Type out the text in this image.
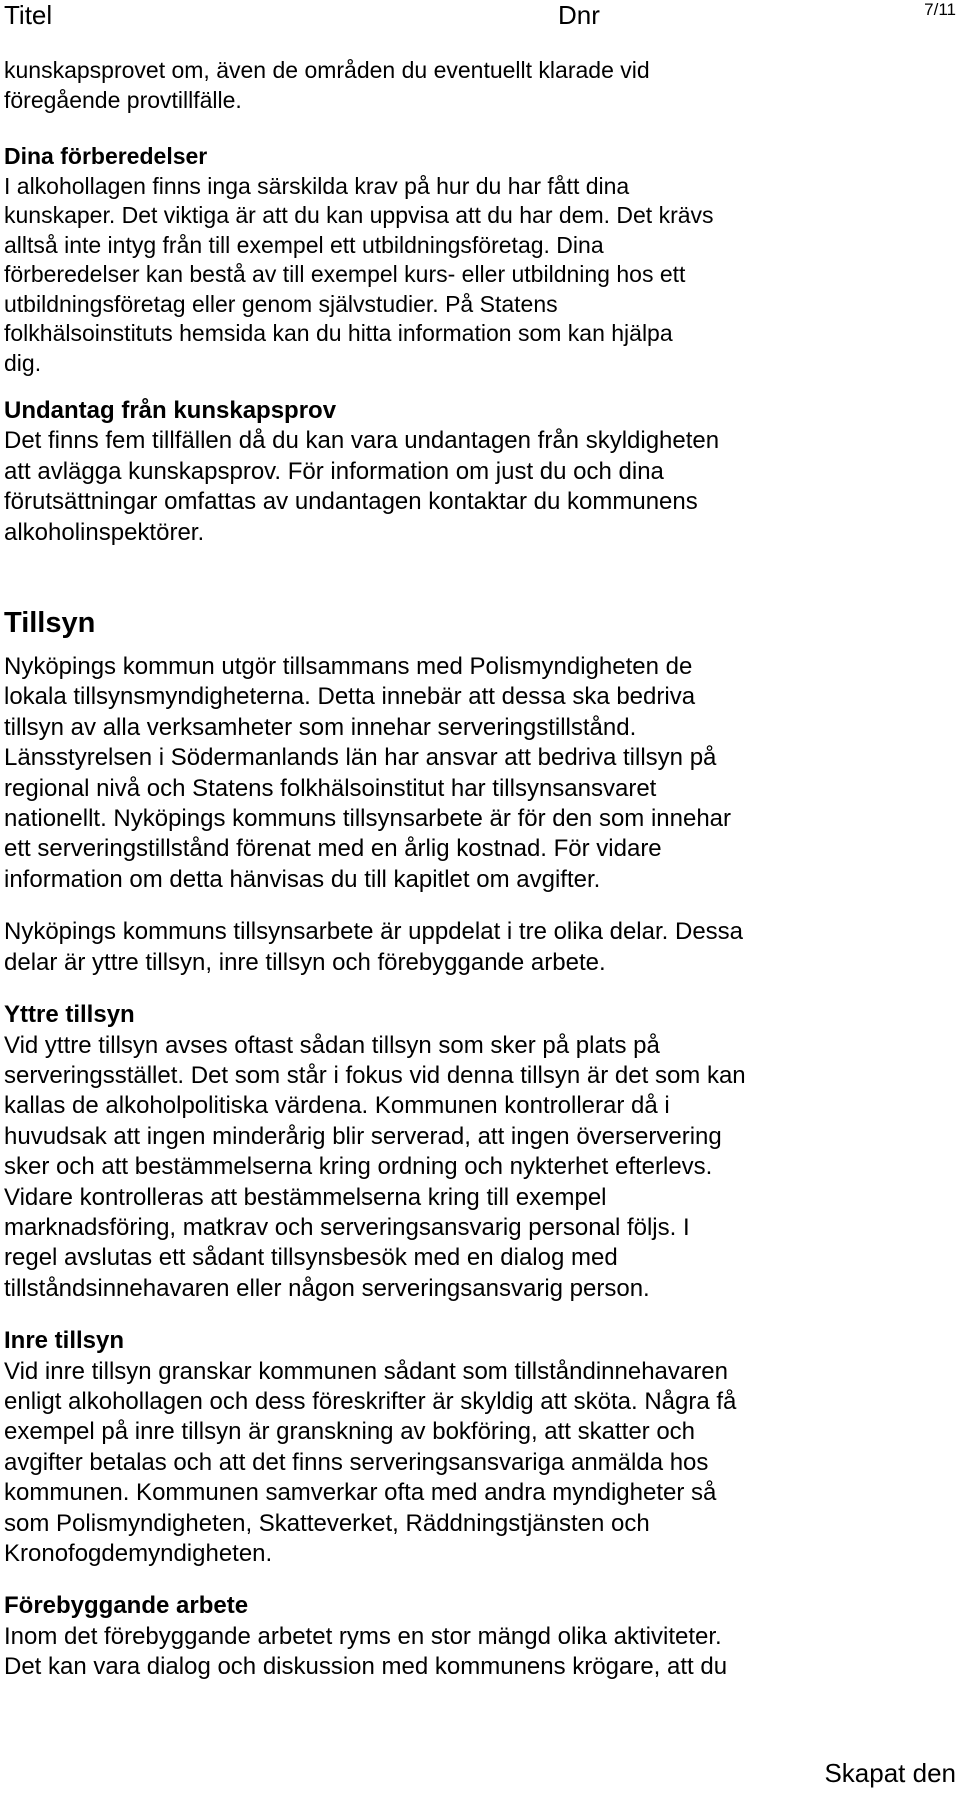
Titel	Dnr	7/11

kunskapsprovet om, även de områden du eventuellt klarade vid

föregående provtillfälle.

Dina förberedelser

I alkohollagen finns inga särskilda krav på hur du har fått dina

kunskaper. Det viktiga är att du kan uppvisa att du har dem. Det krävs

alltså inte intyg från till exempel ett utbildningsföretag. Dina

förberedelser kan bestå av till exempel kurs- eller utbildning hos ett

utbildningsföretag eller genom självstudier. På Statens

folkhälsoinstituts hemsida kan du hitta information som kan hjälpa

dig.

Undantag från kunskapsprov

Det finns fem tillfällen då du kan vara undantagen från skyldigheten

att avlägga kunskapsprov. För information om just du och dina

förutsättningar omfattas av undantagen kontaktar du kommunens

alkoholinspektörer.

Tillsyn

Nyköpings kommun utgör tillsammans med Polismyndigheten de

lokala tillsynsmyndigheterna. Detta innebär att dessa ska bedriva

tillsyn av alla verksamheter som innehar serveringstillstånd.

Länsstyrelsen i Södermanlands län har ansvar att bedriva tillsyn på

regional nivå och Statens folkhälsoinstitut har tillsynsansvaret

nationellt. Nyköpings kommuns tillsynsarbete är för den som innehar

ett serveringstillstånd förenat med en årlig kostnad. För vidare

information om detta hänvisas du till kapitlet om avgifter.

Nyköpings kommuns tillsynsarbete är uppdelat i tre olika delar. Dessa

delar är yttre tillsyn, inre tillsyn och förebyggande arbete.

Yttre tillsyn

Vid yttre tillsyn avses oftast sådan tillsyn som sker på plats på

serveringsstället. Det som står i fokus vid denna tillsyn är det som kan

kallas de alkoholpolitiska värdena. Kommunen kontrollerar då i

huvudsak att ingen minderårig blir serverad, att ingen överservering

sker och att bestämmelserna kring ordning och nykterhet efterlevs.

Vidare kontrolleras att bestämmelserna kring till exempel

marknadsföring, matkrav och serveringsansvarig personal följs. I

regel avslutas ett sådant tillsynsbesök med en dialog med

tillståndsinnehavaren eller någon serveringsansvarig person.

Inre tillsyn

Vid inre tillsyn granskar kommunen sådant som tillståndinnehavaren

enligt alkohollagen och dess föreskrifter är skyldig att sköta. Några få

exempel på inre tillsyn är granskning av bokföring, att skatter och

avgifter betalas och att det finns serveringsansvariga anmälda hos

kommunen. Kommunen samverkar ofta med andra myndigheter så

som Polismyndigheten, Skatteverket, Räddningstjänsten och

Kronofogdemyndigheten.

Förebyggande arbete

Inom det förebyggande arbetet ryms en stor mängd olika aktiviteter.

Det kan vara dialog och diskussion med kommunens krögare, att du

Skapat den
